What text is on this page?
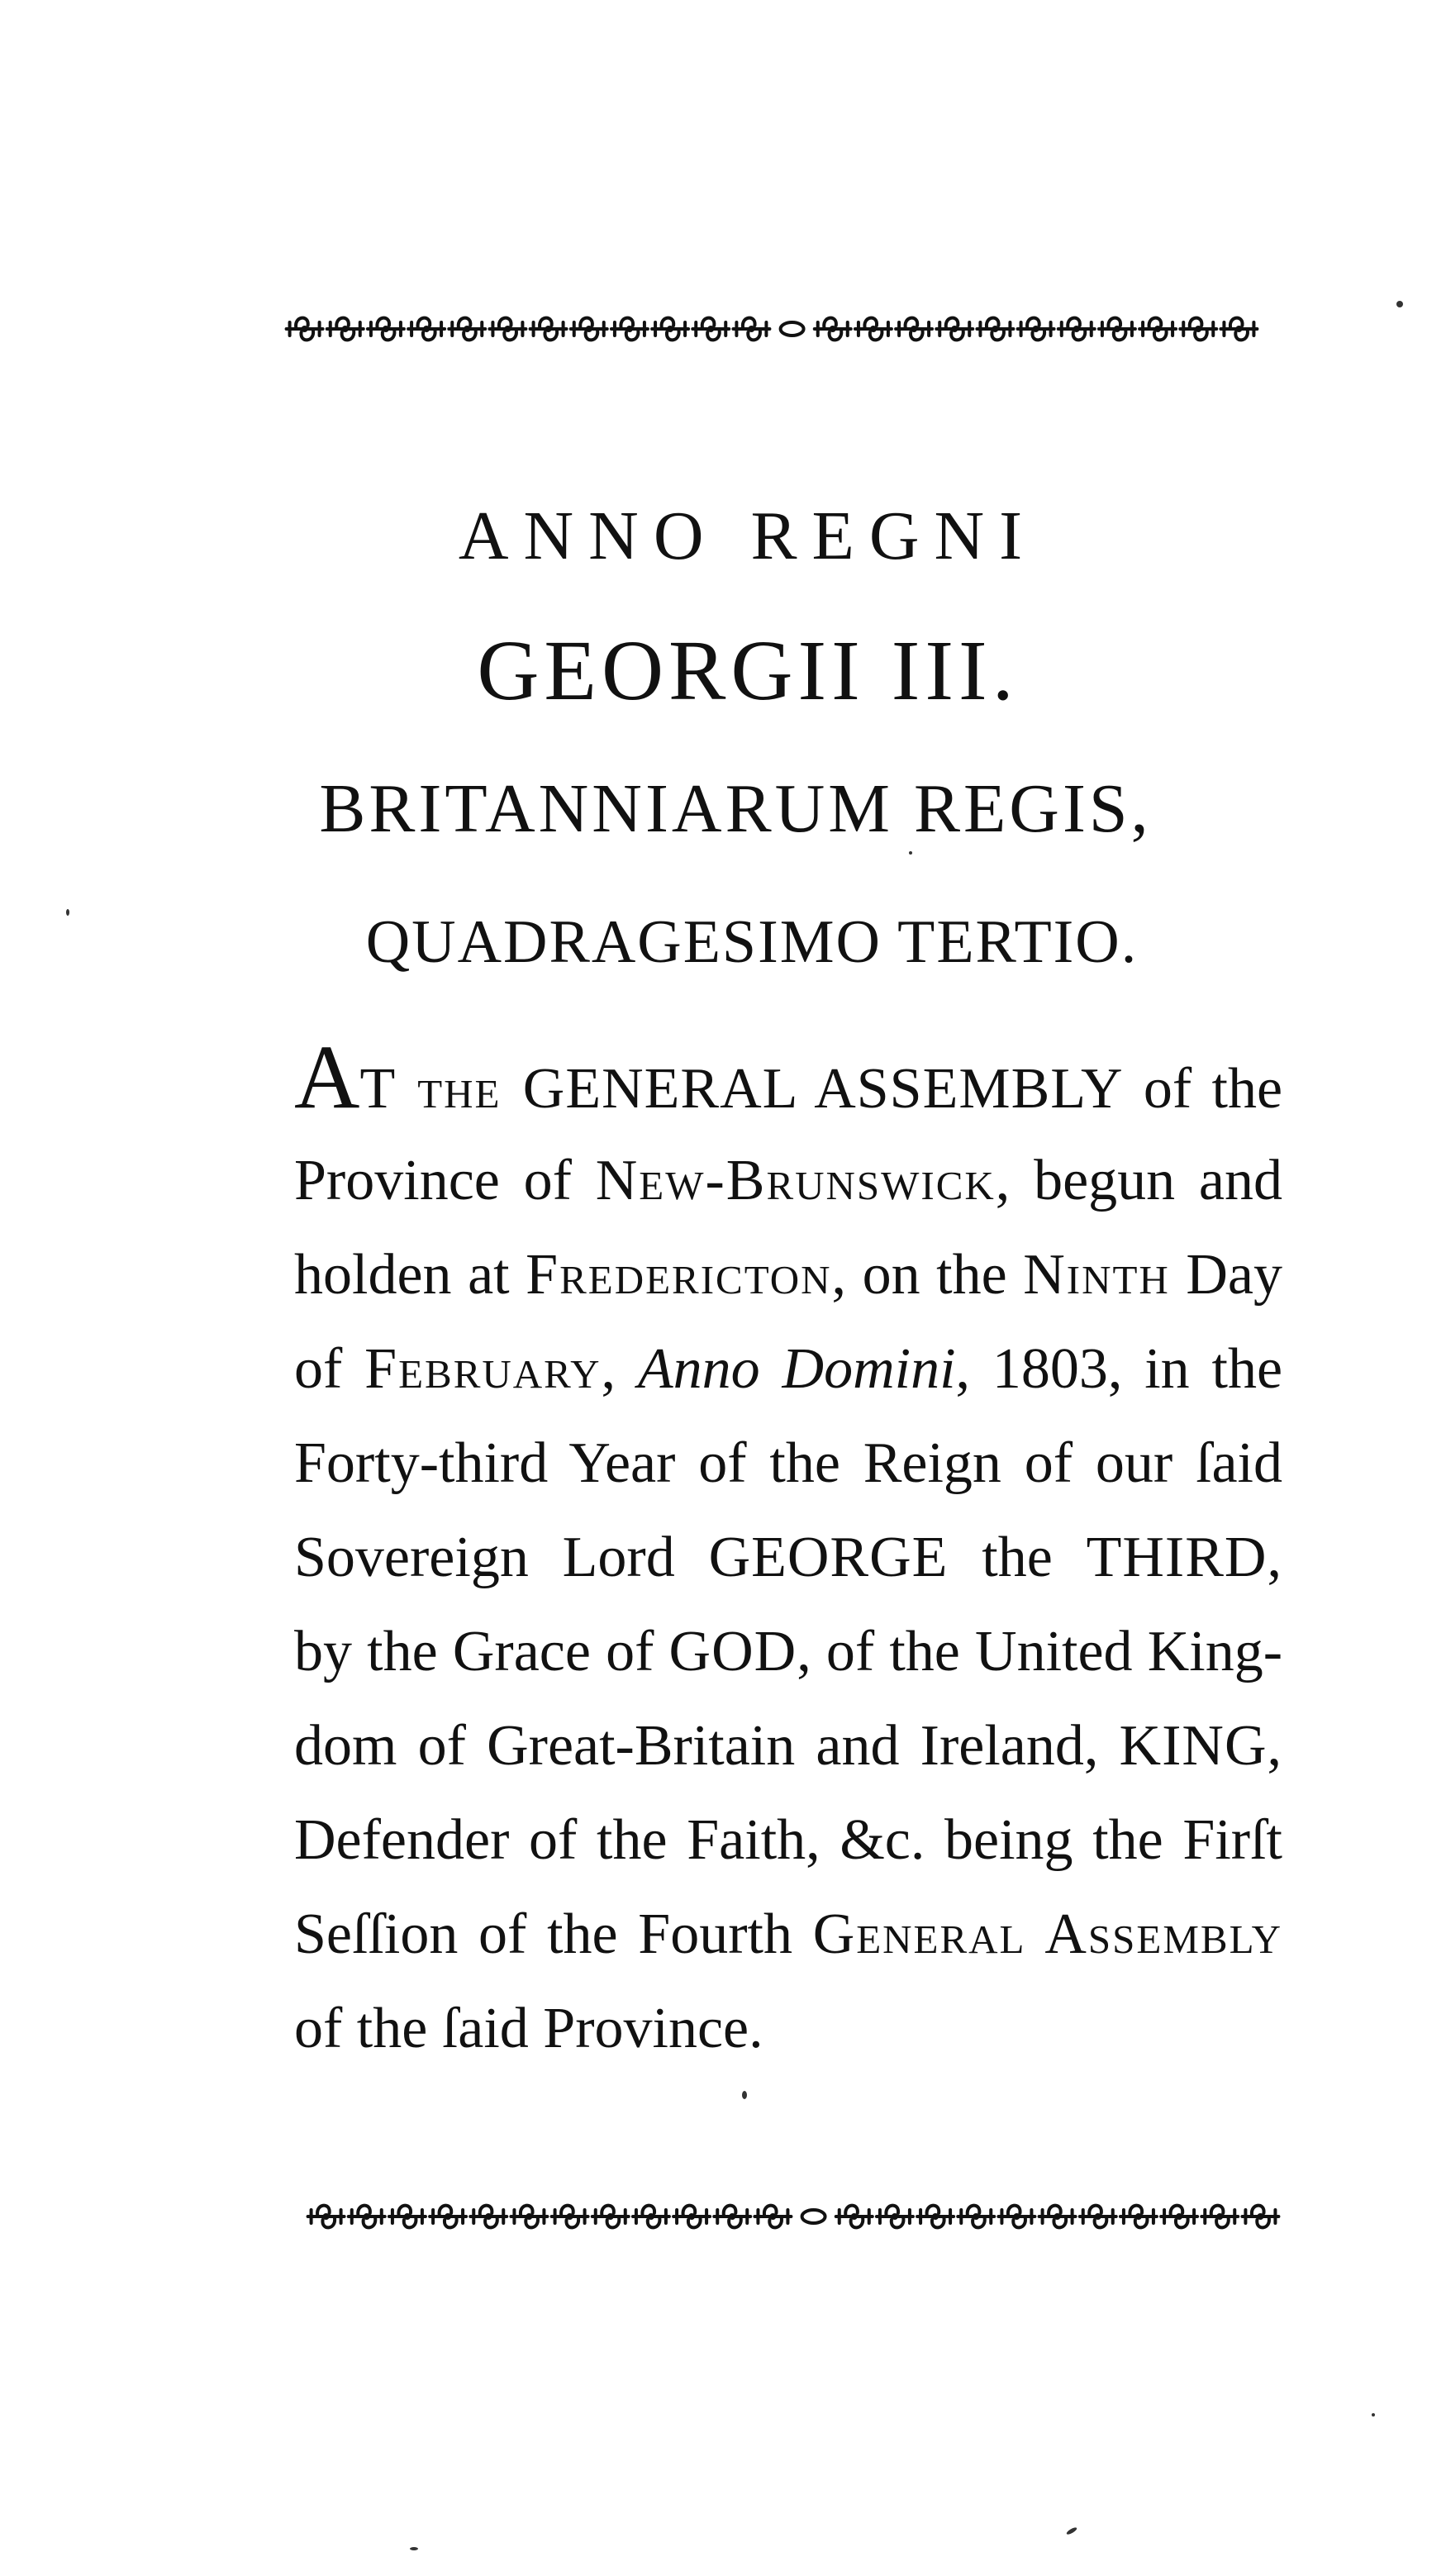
ANNO REGNI
GEORGII III.
BRITANNIARUM REGIS,
QUADRAGESIMO TERTIO.
AT the GENERAL ASSEMBLY of the
Province of New-Brunswick, begun and
holden at Fredericton, on the Ninth Day
of February, Anno Domini, 1803, in the
Forty-third Year of the Reign of our ſaid
Sovereign Lord GEORGE the THIRD,
by the Grace of GOD, of the United King-
dom of Great-Britain and Ireland, KING,
Defender of the Faith, &c. being the Firſt
Seſſion of the Fourth General Assembly
of the ſaid Province.
